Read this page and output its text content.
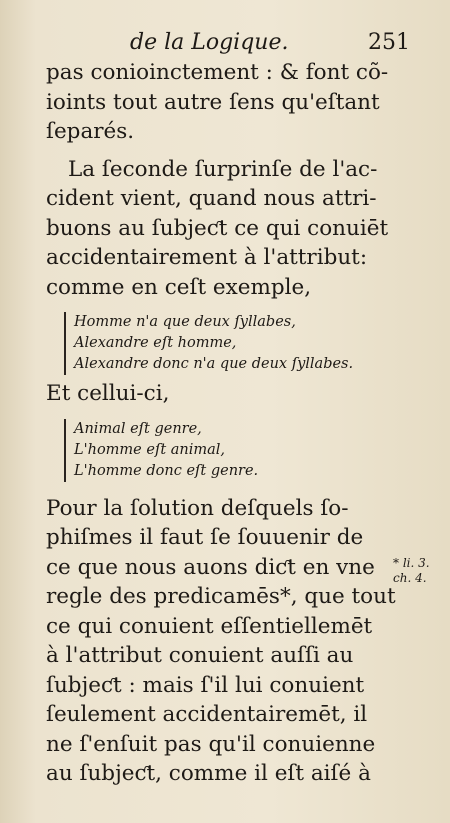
de la Logique.	251
pas conioinctement : & font cõ-
ioints tout autre ſens qu'eſtant
ſeparés.
La ſeconde ſurprinſe de l'ac-
cident vient, quand nous attri-
buons au ſubjeƈt ce qui conuiēt
accidentairement à l'attribut:
comme en ceſt exemple,
Homme n'a que deux ſyllabes,
Alexandre eſt homme,
Alexandre donc n'a que deux ſyllabes.
Et cellui-ci,
Animal eſt genre,
L'homme eſt animal,
L'homme donc eſt genre.
Pour la ſolution deſquels ſo-
phiſmes il faut ſe ſouuenir de
ce que nous auons diƈt en vne
regle des predicamēs*, que tout
ce qui conuient eſſentiellemēt
à l'attribut conuient auſſi au
ſubjeƈt : mais ſ'il lui conuient
ſeulement accidentairemēt, il
ne ſ'enſuit pas qu'il conuienne
au ſubjeƈt, comme il eſt aiſé à
* li. 3.
ch. 4.
